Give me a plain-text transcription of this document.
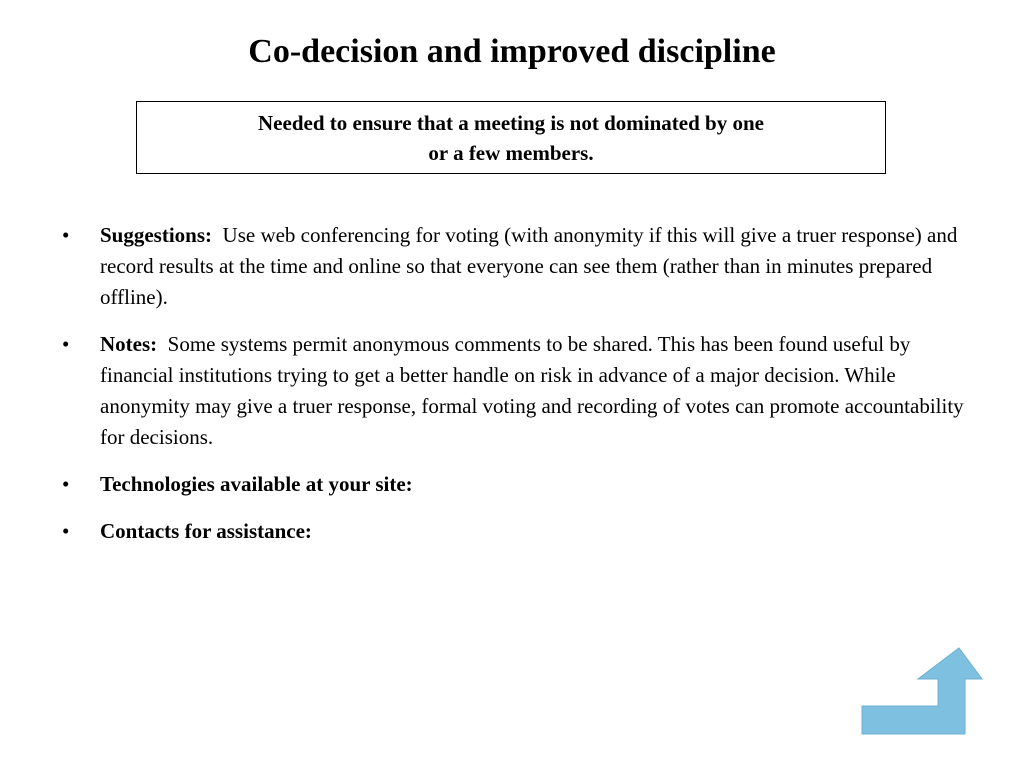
Co-decision and improved discipline
Needed to ensure that a meeting is not dominated by one
or a few members.
•	Suggestions: Use web conferencing for voting (with anonymity if this will give a truer response) and record results at the time and online so that everyone can see them (rather than in minutes prepared offline).
•	Notes: Some systems permit anonymous comments to be shared. This has been found useful by financial institutions trying to get a better handle on risk in advance of a major decision. While anonymity may give a truer response, formal voting and recording of votes can promote accountability for decisions.
•	Technologies available at your site:
•	Contacts for assistance:
